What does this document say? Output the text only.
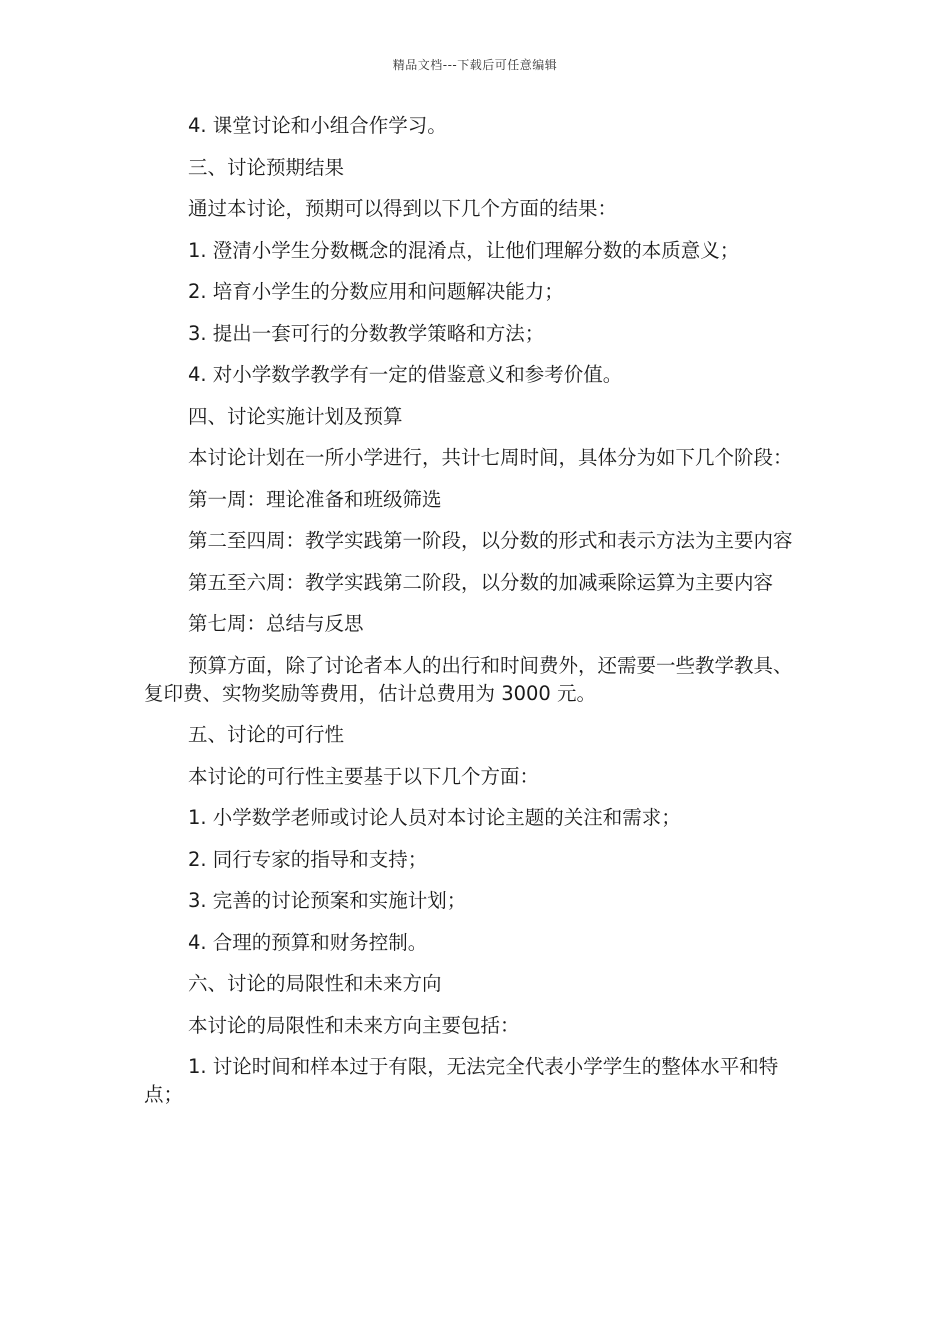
精品文档---下载后可任意编辑

4. 课堂讨论和小组合作学习。

三、讨论预期结果

通过本讨论，预期可以得到以下几个方面的结果：

1. 澄清小学生分数概念的混淆点，让他们理解分数的本质意义；

2. 培育小学生的分数应用和问题解决能力；

3. 提出一套可行的分数教学策略和方法；

4. 对小学数学教学有一定的借鉴意义和参考价值。

四、讨论实施计划及预算

本讨论计划在一所小学进行，共计七周时间，具体分为如下几个阶段：

第一周：理论准备和班级筛选

第二至四周：教学实践第一阶段，以分数的形式和表示方法为主要内容

第五至六周：教学实践第二阶段，以分数的加减乘除运算为主要内容

第七周：总结与反思

预算方面，除了讨论者本人的出行和时间费外，还需要一些教学教具、复印费、实物奖励等费用，估计总费用为 3000 元。

五、讨论的可行性

本讨论的可行性主要基于以下几个方面：

1. 小学数学老师或讨论人员对本讨论主题的关注和需求；

2. 同行专家的指导和支持；

3. 完善的讨论预案和实施计划；

4. 合理的预算和财务控制。

六、讨论的局限性和未来方向

本讨论的局限性和未来方向主要包括：

1. 讨论时间和样本过于有限，无法完全代表小学学生的整体水平和特点；
